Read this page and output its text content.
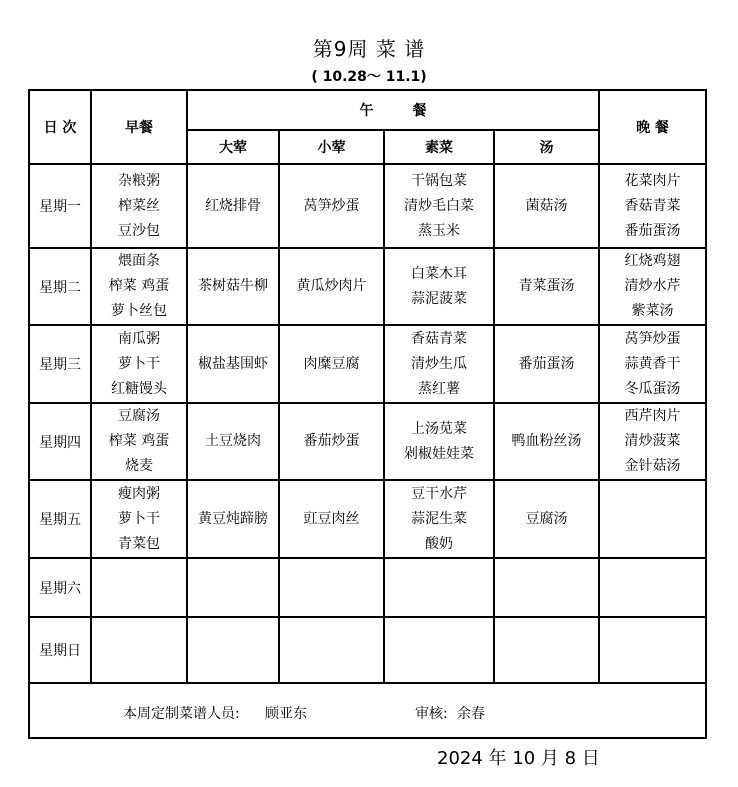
第9周 菜 谱
( 10.28～ 11.1)
日 次	早餐	午        餐				晚 餐
		大荤	小荤	素菜	汤	
星期一	杂粮粥
榨菜丝
豆沙包	红烧排骨	莴笋炒蛋	干锅包菜
清炒毛白菜
蒸玉米	菌菇汤	花菜肉片
香菇青菜
番茄蛋汤

星期二	煨面条
榨菜 鸡蛋
萝卜丝包	茶树菇牛柳	黄瓜炒肉片	白菜木耳
蒜泥菠菜	青菜蛋汤	红烧鸡翅
清炒水芹
紫菜汤

星期三	南瓜粥
萝卜干
红糖馒头	椒盐基围虾	肉糜豆腐	香菇青菜
清炒生瓜
蒸红薯	番茄蛋汤	莴笋炒蛋
蒜黄香干
冬瓜蛋汤

星期四	豆腐汤
榨菜 鸡蛋
烧麦	土豆烧肉	番茄炒蛋	上汤苋菜
剁椒娃娃菜	鸭血粉丝汤	西芹肉片
清炒菠菜
金针菇汤

星期五	瘦肉粥
萝卜干
青菜包	黄豆炖蹄膀	豇豆肉丝	豆干水芹
蒜泥生菜
酸奶	豆腐汤	

星期六						
星期日						

本周定制菜谱人员: 顾亚东	审核: 余春
2024 年 10 月 8 日
